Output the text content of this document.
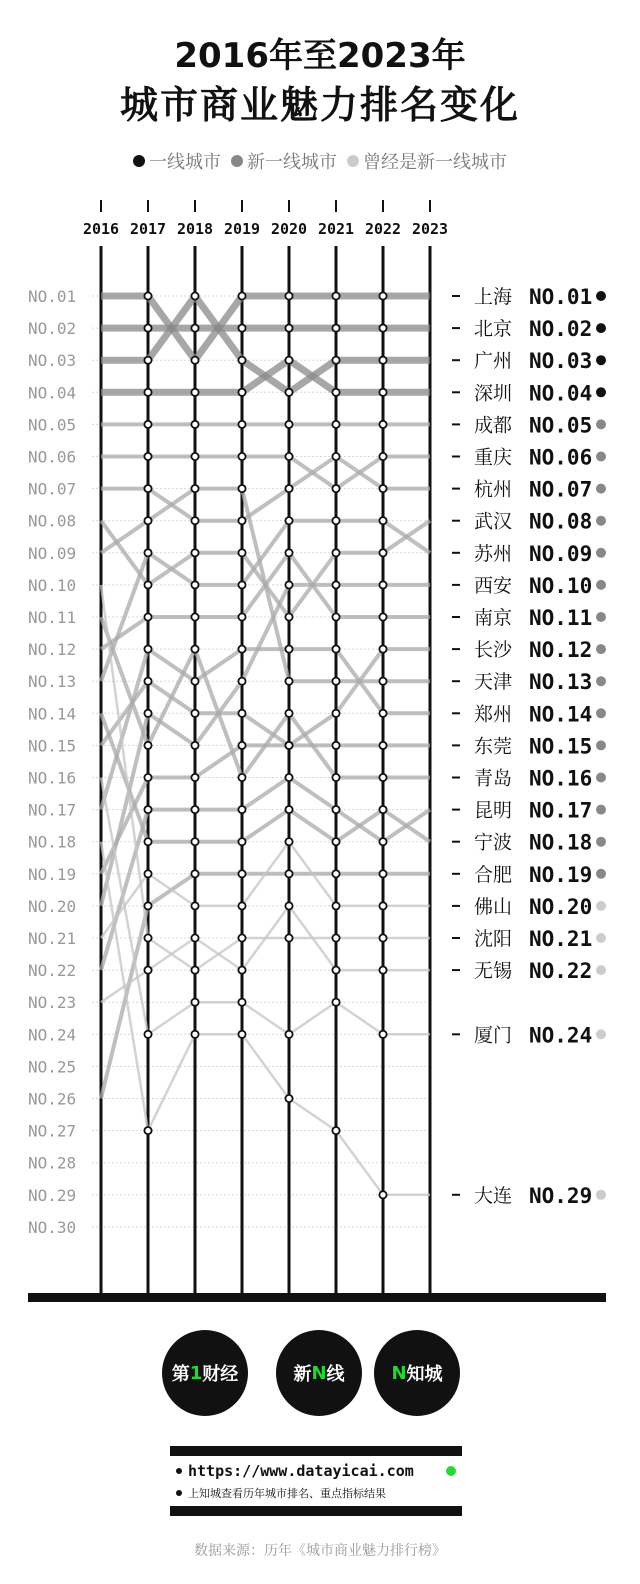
2016年至2023年
城市商业魅力排名变化
一线城市 新一线城市 曾经是新一线城市
2016 2017 2018 2019 2020 2021 2022 2023
NO.01
NO.02
NO.03
NO.04
NO.05
NO.06
NO.07
NO.08
NO.09
NO.10
NO.11
NO.12
NO.13
NO.14
NO.15
NO.16
NO.17
NO.18
NO.19
NO.20
NO.21
NO.22
NO.23
NO.24
NO.25
NO.26
NO.27
NO.28
NO.29
NO.30
上海 NO.01
北京 NO.02
广州 NO.03
深圳 NO.04
成都 NO.05
重庆 NO.06
杭州 NO.07
武汉 NO.08
苏州 NO.09
西安 NO.10
南京 NO.11
长沙 NO.12
天津 NO.13
郑州 NO.14
东莞 NO.15
青岛 NO.16
昆明 NO.17
宁波 NO.18
合肥 NO.19
佛山 NO.20
沈阳 NO.21
无锡 NO.22
厦门 NO.24
大连 NO.29
第 1 财经	新 N 线	N 知城
https://www.datayicai.com
上知城查看历年城市排名、重点指标结果
数据来源：历年《城市商业魅力排行榜》
